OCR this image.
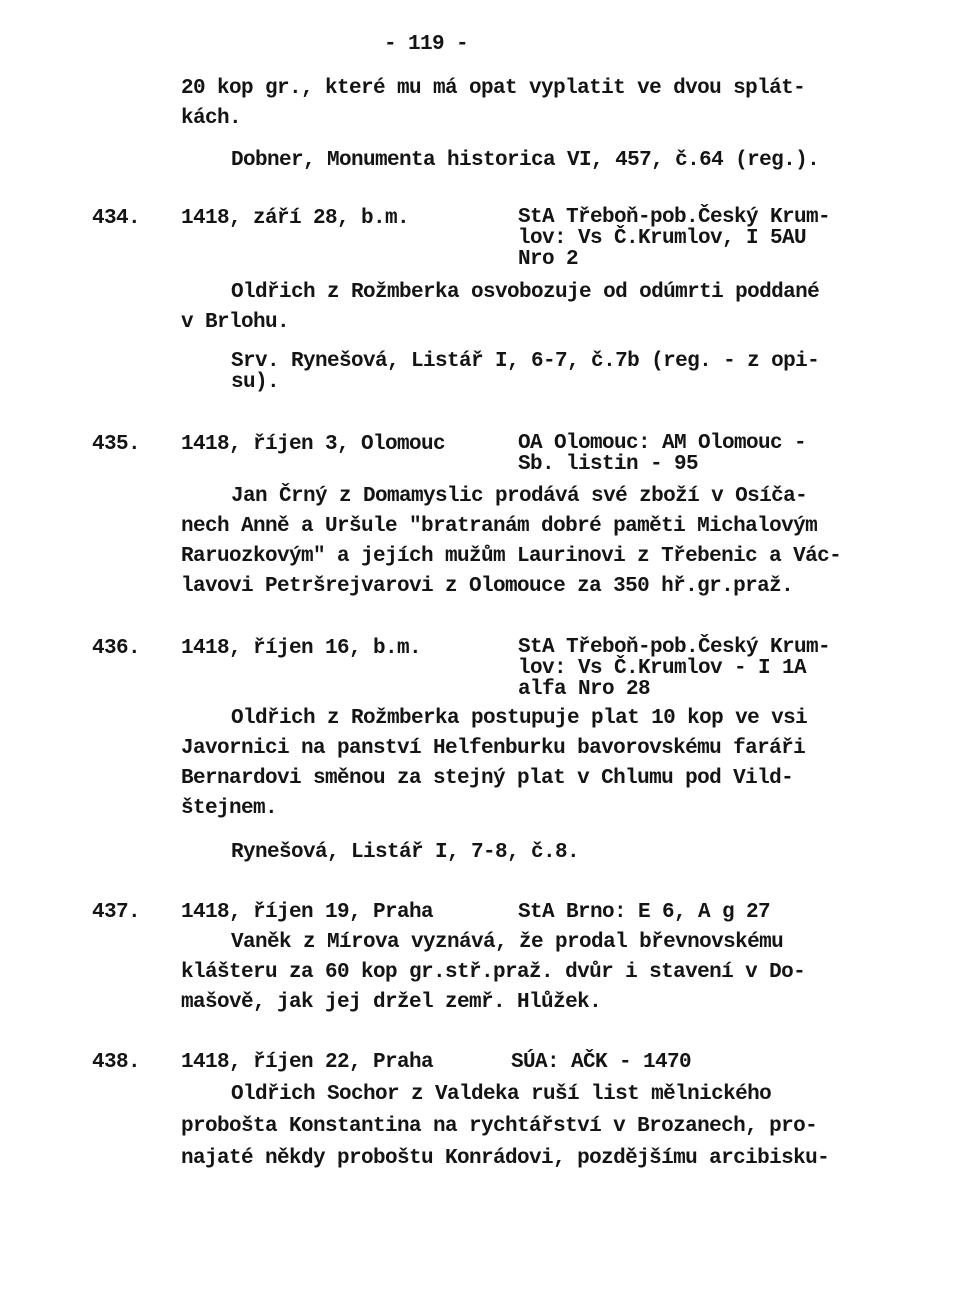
- 119 -
20 kop gr., které mu má opat vyplatit ve dvou splát-
kách.
Dobner, Monumenta historica VI, 457, č.64 (reg.).
434. 1418, září 28, b.m.	StA Třeboň-pob.Český Krum-
lov: Vs Č.Krumlov, I 5AU
Nro 2
Oldřich z Rožmberka osvobozuje od odúmrti poddané
v Brlohu.
Srv. Rynešová, Listář I, 6-7, č.7b (reg. - z opi-
su).
435. 1418, říjen 3, Olomouc	OA Olomouc: AM Olomouc -
Sb. listin - 95
Jan Črný z Domamyslic prodává své zboží v Osíča-
nech Anně a Uršule "bratranám dobré paměti Michalovým
Raruozkovým" a jejích mužům Laurinovi z Třebenic a Vác-
lavovi Petršrejvarovi z Olomouce za 350 hř.gr.praž.
436. 1418, říjen 16, b.m.	StA Třeboň-pob.Český Krum-
lov: Vs Č.Krumlov - I 1A
alfa Nro 28
Oldřich z Rožmberka postupuje plat 10 kop ve vsi
Javornici na panství Helfenburku bavorovskému faráři
Bernardovi směnou za stejný plat v Chlumu pod Vild-
štejnem.
Rynešová, Listář I, 7-8, č.8.
437. 1418, říjen 19, Praha	StA Brno: E 6, A g 27
Vaněk z Mírova vyznává, že prodal břevnovskému
klášteru za 60 kop gr.stř.praž. dvůr i stavení v Do-
mašově, jak jej držel zemř. Hlůžek.
438. 1418, říjen 22, Praha	SÚA: AČK - 1470
Oldřich Sochor z Valdeka ruší list mělnického
proboštа Konstantina na rychtářství v Brozanech, pro-
najaté někdy proboštu Konrádovi, pozdějšímu arcibisku-
